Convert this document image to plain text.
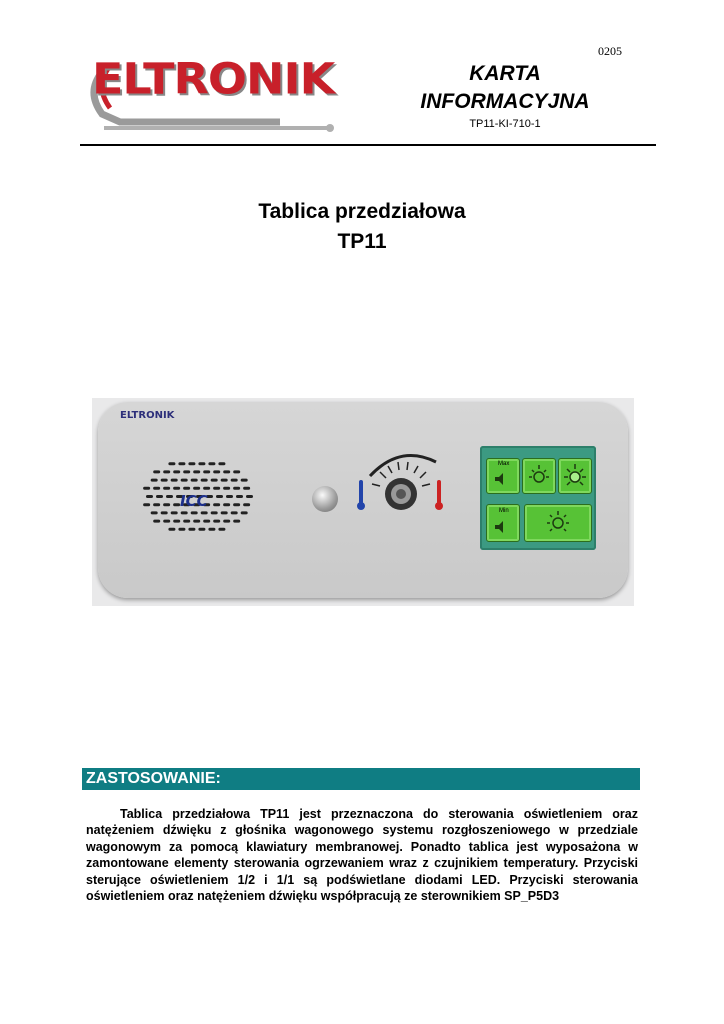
0205
ELTRONIK	KARTA
INFORMACYJNA
TP11-KI-710-1
Tablica przedziałowa
TP11
ELTRONIK
ICC
Max
Min
ZASTOSOWANIE:
Tablica przedziałowa TP11 jest przeznaczona do sterowania oświetleniem oraz natężeniem dźwięku z głośnika wagonowego systemu rozgłoszeniowego w przedziale wagonowym za pomocą klawiatury membranowej. Ponadto tablica jest wyposażona w zamontowane elementy sterowania ogrzewaniem wraz z czujnikiem temperatury. Przyciski sterujące oświetleniem 1/2 i 1/1 są podświetlane diodami LED. Przyciski sterowania oświetleniem oraz natężeniem dźwięku współpracują ze sterownikiem SP_P5D3
